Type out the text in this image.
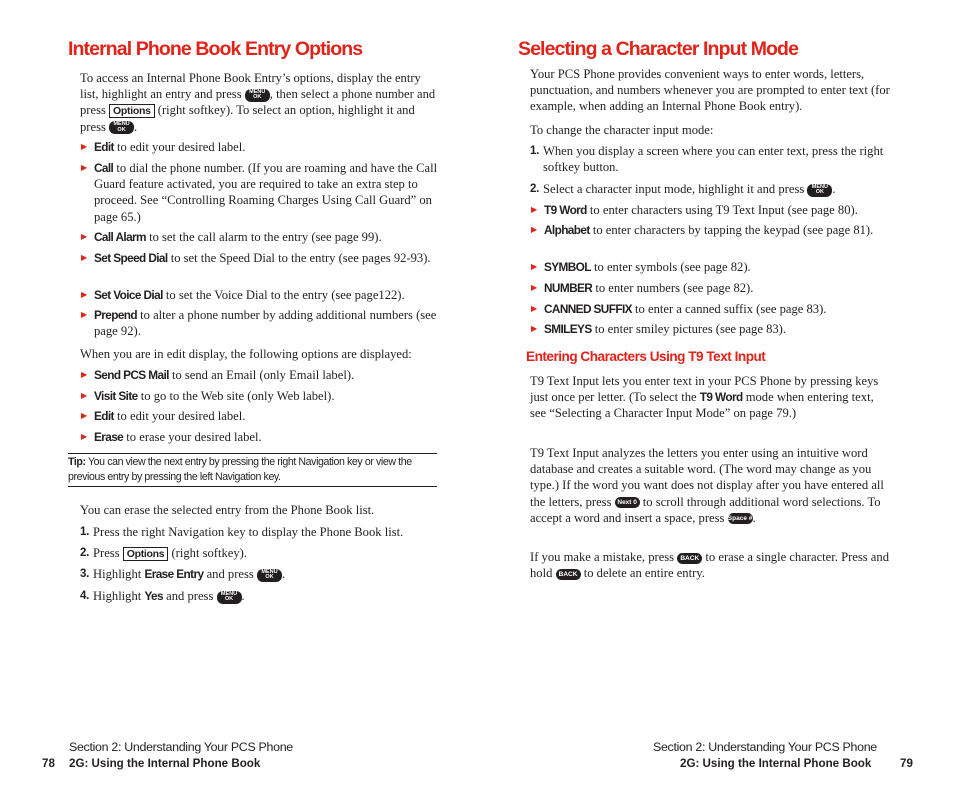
Internal Phone Book Entry Options

To access an Internal Phone Book Entry’s options, display the entry list, highlight an entry and press	MENU
OK , then select a phone number and press Options (right softkey). To select an option, highlight it and press	MENU
OK .

▶ Edit to edit your desired label.
▶ Call to dial the phone number. (If you are roaming and have the Call Guard feature activated, you are required to take an extra step to proceed. See “Controlling Roaming Charges Using Call Guard” on page 65.)
▶ Call Alarm to set the call alarm to the entry (see page 99).
▶ Set Speed Dial to set the Speed Dial to the entry (see pages 92-93).
▶ Set Voice Dial to set the Voice Dial to the entry (see page122).
▶ Prepend to alter a phone number by adding additional numbers (see page 92).

When you are in edit display, the following options are displayed:

▶ Send PCS Mail to send an Email (only Email label).
▶ Visit Site to go to the Web site (only Web label).
▶ Edit to edit your desired label.
▶ Erase to erase your desired label.
Tip: You can view the next entry by pressing the right Navigation key or view the previous entry by pressing the left Navigation key.

You can erase the selected entry from the Phone Book list.

1. Press the right Navigation key to display the Phone Book list.
2. Press Options (right softkey).
3. Highlight Erase Entry and press	MENU
OK .
4. Highlight Yes and press	MENU
OK .
Section 2: Understanding Your PCS Phone
78 2G: Using the Internal Phone Book
Selecting a Character Input Mode

Your PCS Phone provides convenient ways to enter words, letters, punctuation, and numbers whenever you are prompted to enter text (for example, when adding an Internal Phone Book entry).

To change the character input mode:

1. When you display a screen where you can enter text, press the right softkey button.
2. Select a character input mode, highlight it and press	MENU
OK .
▶ T9 Word to enter characters using T9 Text Input (see page 80).
▶ Alphabet to enter characters by tapping the keypad (see page 81).
▶ SYMBOL to enter symbols (see page 82).
▶ NUMBER to enter numbers (see page 82).
▶ CANNED SUFFIX to enter a canned suffix (see page 83).
▶ SMILEYS to enter smiley pictures (see page 83).
Entering Characters Using T9 Text Input

T9 Text Input lets you enter text in your PCS Phone by pressing keys just once per letter. (To select the T9 Word mode when entering text, see “Selecting a Character Input Mode” on page 79.)

T9 Text Input analyzes the letters you enter using an intuitive word database and creates a suitable word. (The word may change as you type.) If the word you want does not display after you have entered all the letters, press Next 0 to scroll through additional word selections. To accept a word and insert a space, press Space #.

If you make a mistake, press BACK to erase a single character. Press and hold BACK to delete an entire entry.

Section 2: Understanding Your PCS Phone
2G: Using the Internal Phone Book 79
